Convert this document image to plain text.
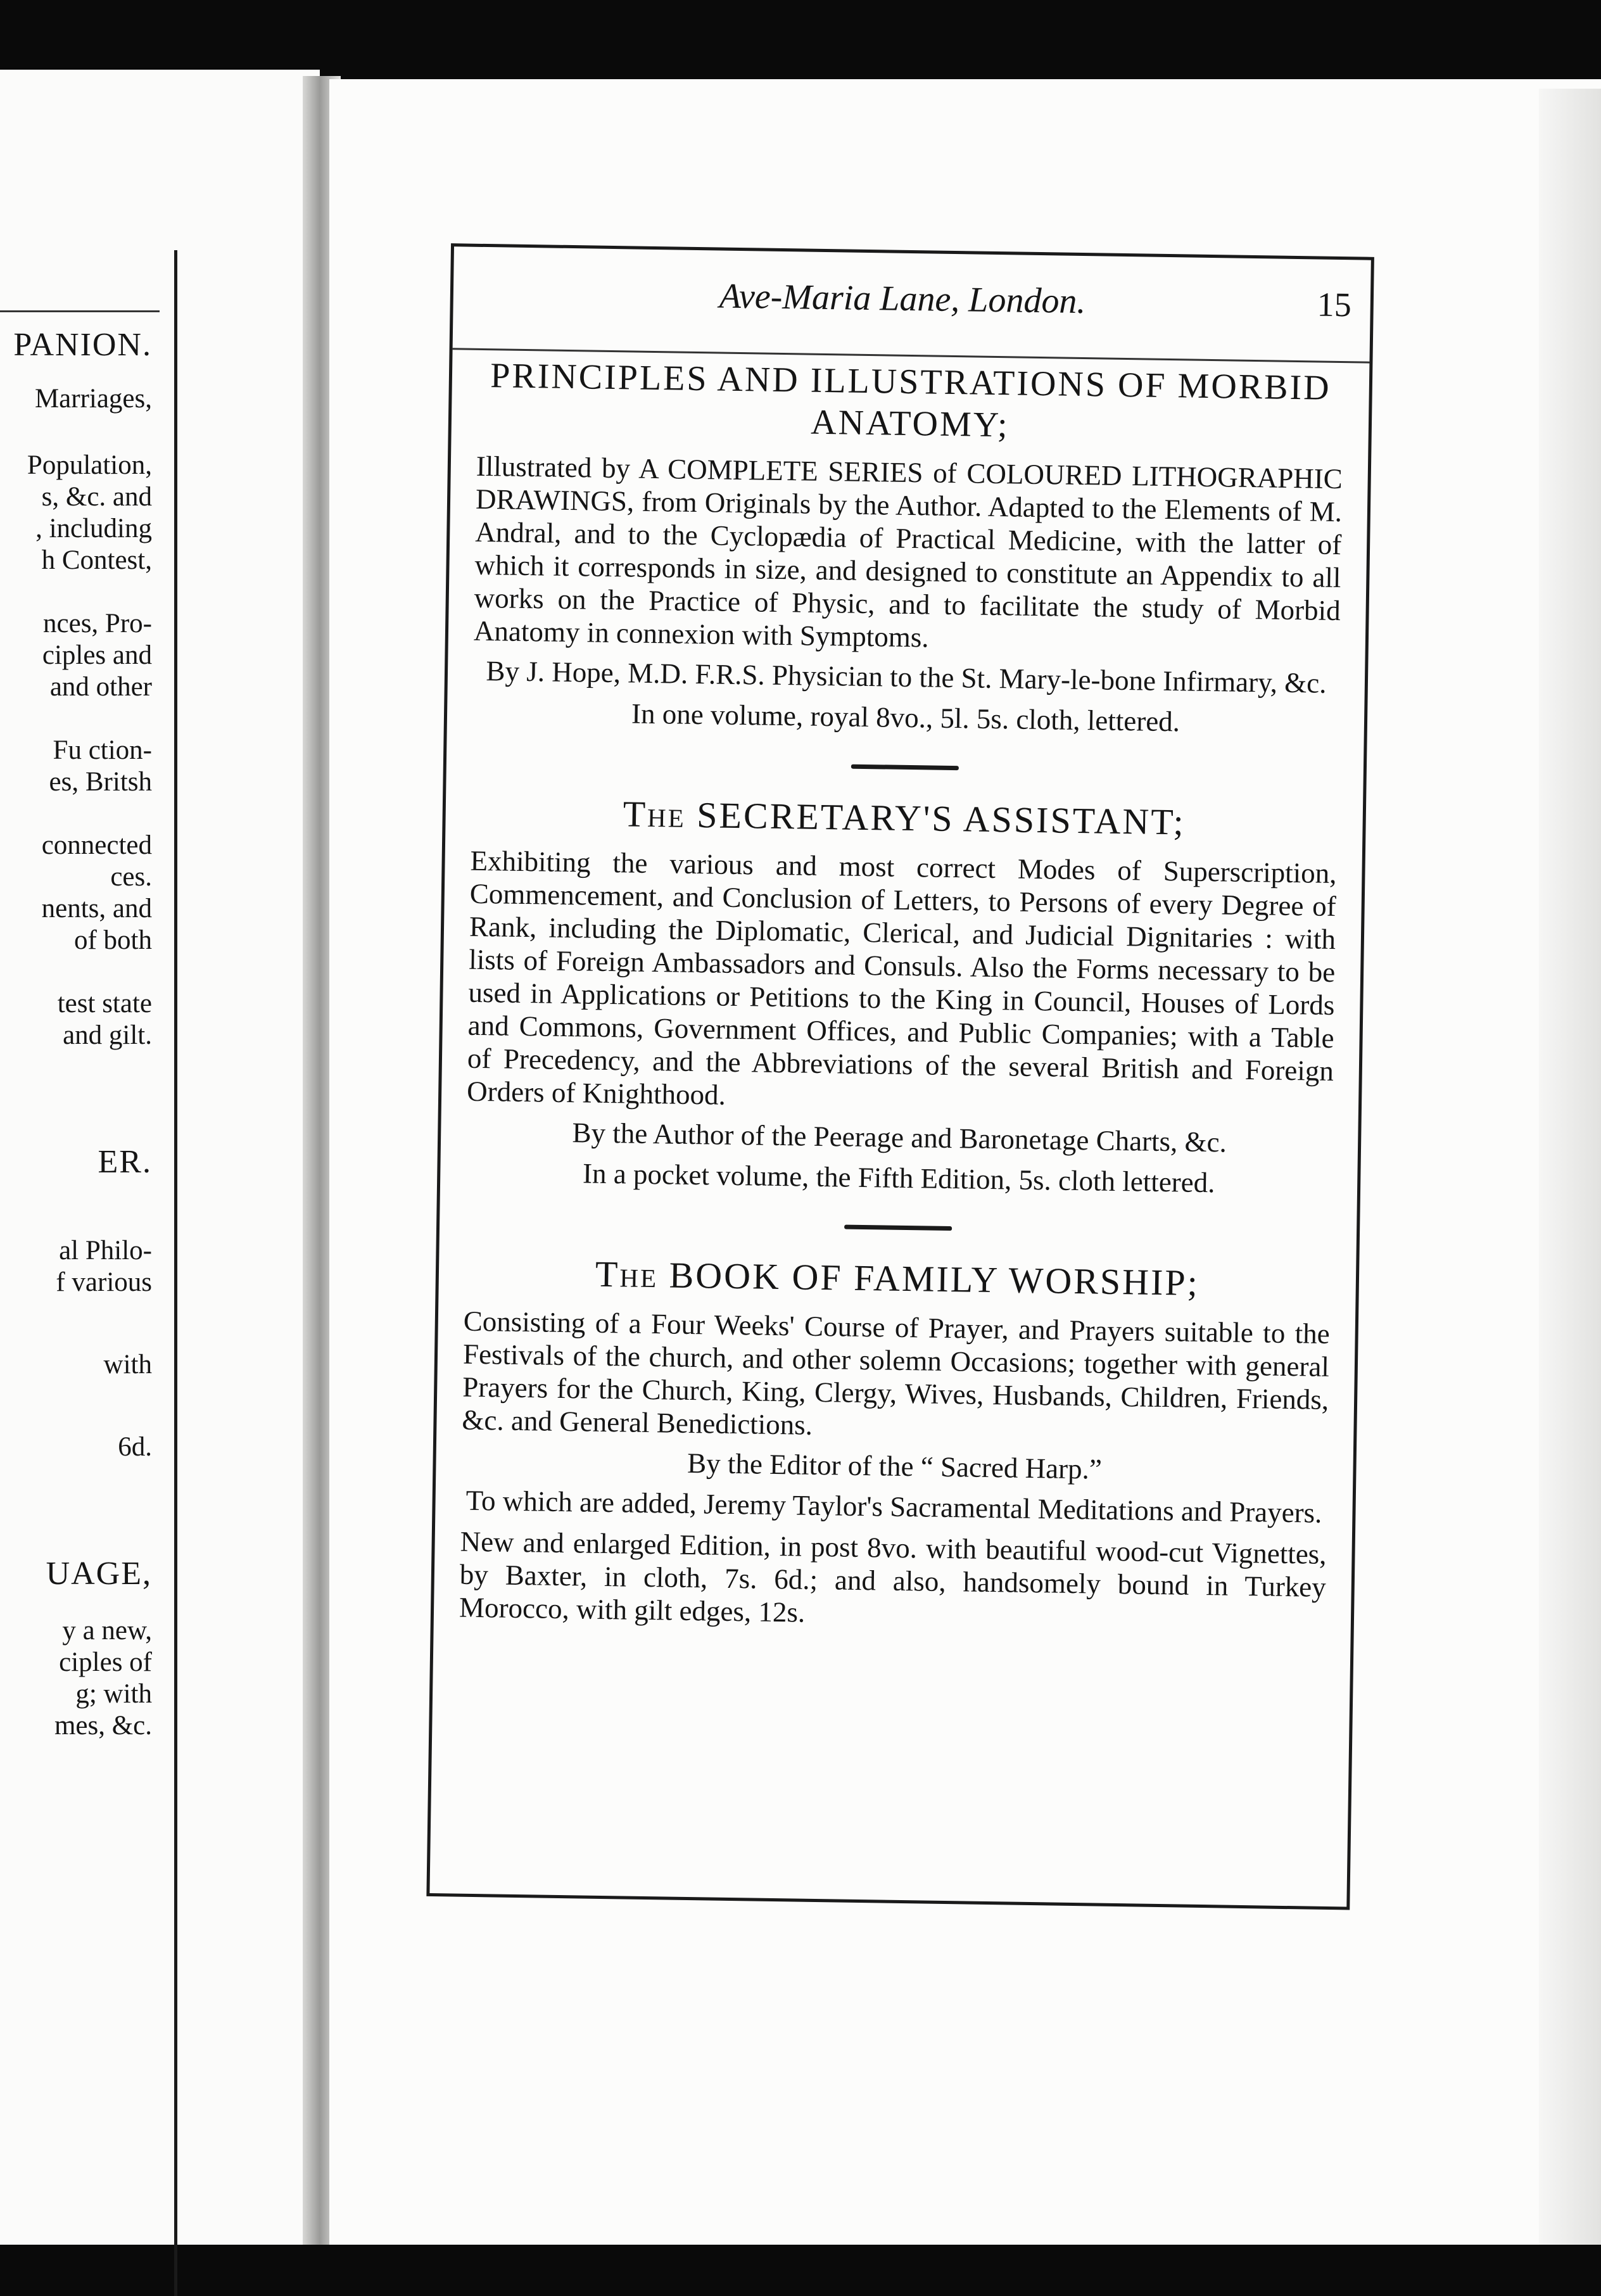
PANION.
Marriages,
Population,
s, &c. and
, including
h Contest,
nces, Pro-
ciples and
and other
Fu ction-
es, Britsh
connected
ces.
nents, and
of both
test state
and gilt.
ER.
al Philo-
f various
with
6d.
UAGE,
y a new,
ciples of
g; with
mes, &c.
Ave-Maria Lane, London.	15
PRINCIPLES AND ILLUSTRATIONS OF MORBID ANATOMY;

Illustrated by A COMPLETE SERIES of COLOURED LITHOGRAPHIC DRAWINGS, from Originals by the Author. Adapted to the Elements of M. Andral, and to the Cyclopædia of Practical Medicine, with the latter of which it corresponds in size, and designed to constitute an Appendix to all works on the Practice of Physic, and to facilitate the study of Morbid Anatomy in connexion with Symptoms.

By J. Hope, M.D. F.R.S. Physician to the St. Mary-le-bone Infirmary, &c.

In one volume, royal 8vo., 5l. 5s. cloth, lettered.

The SECRETARY'S ASSISTANT;

Exhibiting the various and most correct Modes of Superscription, Commencement, and Conclusion of Letters, to Persons of every Degree of Rank, including the Diplomatic, Clerical, and Judicial Dignitaries : with lists of Foreign Ambassadors and Consuls. Also the Forms necessary to be used in Applications or Petitions to the King in Council, Houses of Lords and Commons, Government Offices, and Public Companies; with a Table of Precedency, and the Abbreviations of the several British and Foreign Orders of Knighthood.

By the Author of the Peerage and Baronetage Charts, &c.

In a pocket volume, the Fifth Edition, 5s. cloth lettered.

The BOOK OF FAMILY WORSHIP;

Consisting of a Four Weeks' Course of Prayer, and Prayers suitable to the Festivals of the church, and other solemn Occasions; together with general Prayers for the Church, King, Clergy, Wives, Husbands, Children, Friends, &c. and General Benedictions.

By the Editor of the “ Sacred Harp.”

To which are added, Jeremy Taylor's Sacramental Meditations and Prayers.

New and enlarged Edition, in post 8vo. with beautiful wood-cut Vignettes, by Baxter, in cloth, 7s. 6d.; and also, handsomely bound in Turkey Morocco, with gilt edges, 12s.
